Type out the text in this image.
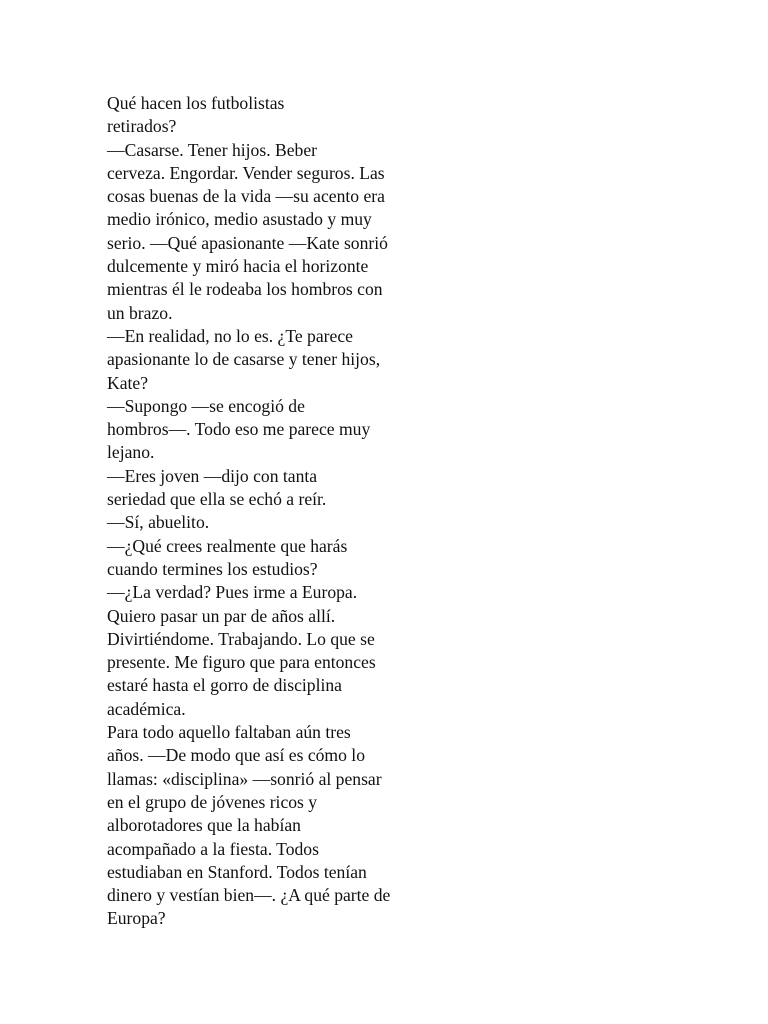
Qué hacen los futbolistas
retirados?
—Casarse. Tener hijos. Beber
cerveza. Engordar. Vender seguros. Las
cosas buenas de la vida —su acento era
medio irónico, medio asustado y muy
serio. —Qué apasionante —Kate sonrió
dulcemente y miró hacia el horizonte
mientras él le rodeaba los hombros con
un brazo.
—En realidad, no lo es. ¿Te parece
apasionante lo de casarse y tener hijos,
Kate?
—Supongo —se encogió de
hombros—. Todo eso me parece muy
lejano.
—Eres joven —dijo con tanta
seriedad que ella se echó a reír.
—Sí, abuelito.
—¿Qué crees realmente que harás
cuando termines los estudios?
—¿La verdad? Pues irme a Europa.
Quiero pasar un par de años allí.
Divirtiéndome. Trabajando. Lo que se
presente. Me figuro que para entonces
estaré hasta el gorro de disciplina
académica.
Para todo aquello faltaban aún tres
años. —De modo que así es cómo lo
llamas: «disciplina» —sonrió al pensar
en el grupo de jóvenes ricos y
alborotadores que la habían
acompañado a la fiesta. Todos
estudiaban en Stanford. Todos tenían
dinero y vestían bien—. ¿A qué parte de
Europa?
